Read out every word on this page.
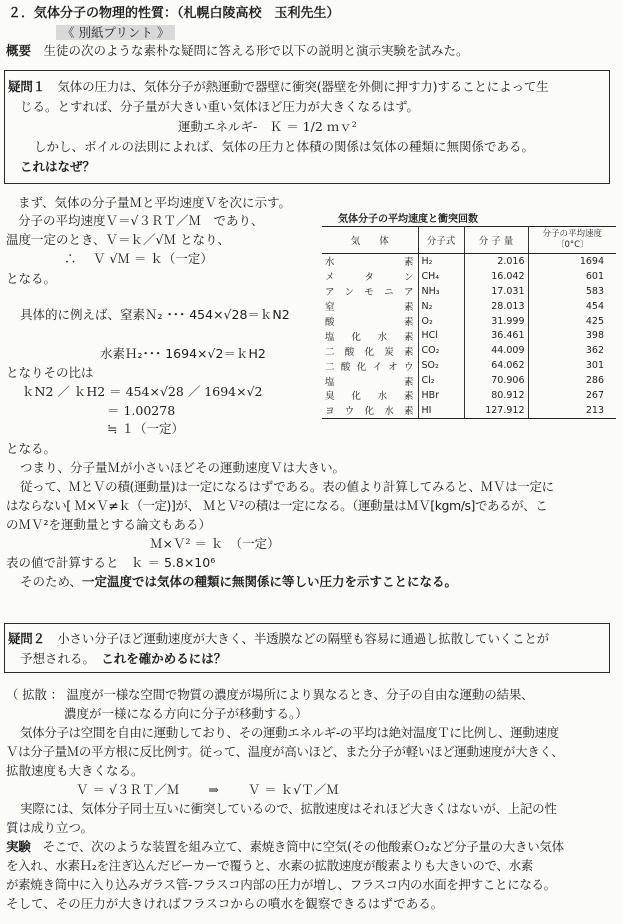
２．気体分子の物理的性質：（札幌白陵高校　玉利先生）
《 別紙プリント 》
概要　 生徒の次のような素朴な疑問に答える形で以下の説明と演示実験を試みた。
疑問１　 気体の圧力は、気体分子が熱運動で器壁に衝突(器壁を外側に押す力)することによって生
じる。とすれば、分子量が大きい重い気体ほど圧力が大きくなるはず。
運動エネルギ‐　Ｋ ＝ 1/2 ｍｖ²
しかし、ボイルの法則によれば、気体の圧力と体積の関係は気体の種類に無関係である。
これはなぜ？
まず、気体の分子量Ｍと平均速度Ｖを次に示す。
分子の平均速度Ｖ＝√３ＲＴ／Ｍ　であり、
温度一定のとき、Ｖ＝ｋ／√Ｍ となり、
∴　 Ｖ √Ｍ ＝ ｋ（一定）
となる。
具体的に例えば、窒素Ｎ₂ ･･･ 454×√28＝ｋN2
水素Ｈ₂･･･ 1694×√2＝ｋH2
となりその比は
ｋN2 ／ ｋH2 ＝ 454×√28 ／ 1694×√2
＝ 1.00278
≒ １（一定）
となる。
つまり、分子量Ｍが小さいほどその運動速度Ｖは大きい。
従って、ＭとＶの積(運動量)は一定になるはずである。表の値より計算してみると、ＭＶは一定に
はならない[ Ｍ×Ｖ≠ｋ（一定)]が、 ＭとＶ²の積は一定になる。（運動量はＭＶ[kgm/s]であるが、こ
のＭＶ²を運動量とする論文もある）
Ｍ×Ｖ² ＝ ｋ　（一定）
表の値で計算すると　ｋ ＝ 5.8×10⁶
そのため、一定温度では気体の種類に無関係に等しい圧力を示すことになる。
気体分子の平均速度と衝突回数
気　　体	分子式	分 子 量	分子の平均速度〔0°C〕
水素	H₂	2.016	1694
メタン	CH₄	16.042	601
アンモニア	NH₃	17.031	583
窒素	N₂	28.013	454
酸素	O₂	31.999	425
塩化水素	HCl	36.461	398
二酸化炭素	CO₂	44.009	362
二酸化イオウ	SO₂	64.062	301
塩素	Cl₂	70.906	286
臭化水素	HBr	80.912	267
ヨウ化水素	HI	127.912	213
疑問２　 小さい分子ほど運動速度が大きく、半透膜などの隔壁も容易に通過し拡散していくことが
予想される。　 これを確かめるには？
（ 拡散 ： 温度が一様な空間で物質の濃度が場所により異なるとき、分子の自由な運動の結果、
濃度が一様になる方向に分子が移動する。）
気体分子は空間を自由に運動しており、その運動エネルギ‐の平均は絶対温度Ｔに比例し、運動速度
Ｖは分子量Ｍの平方根に反比例す。従って、温度が高いほど、また分子が軽いほど運動速度が大きく、
拡散速度も大きくなる。
Ｖ ＝ √３ＲＴ／Ｍ　　 ⇒　　 Ｖ ＝ ｋ√Ｔ／Ｍ
実際には、気体分子同士互いに衝突しているので、拡散速度はそれほど大きくはないが、上記の性
質は成り立つ。
実験　 そこで、次のような装置を組み立て、素焼き筒中に空気(その他酸素Ｏ₂など分子量の大きい気体
を入れ、水素Ｈ₂を注ぎ込んだビーカーで覆うと、水素の拡散速度が酸素よりも大きいので、水素
が素焼き筒中に入り込みガラス管‐フラスコ内部の圧力が増し、フラスコ内の水面を押すことになる。
そして、その圧力が大きければフラスコからの噴水を観察できるはずである。
